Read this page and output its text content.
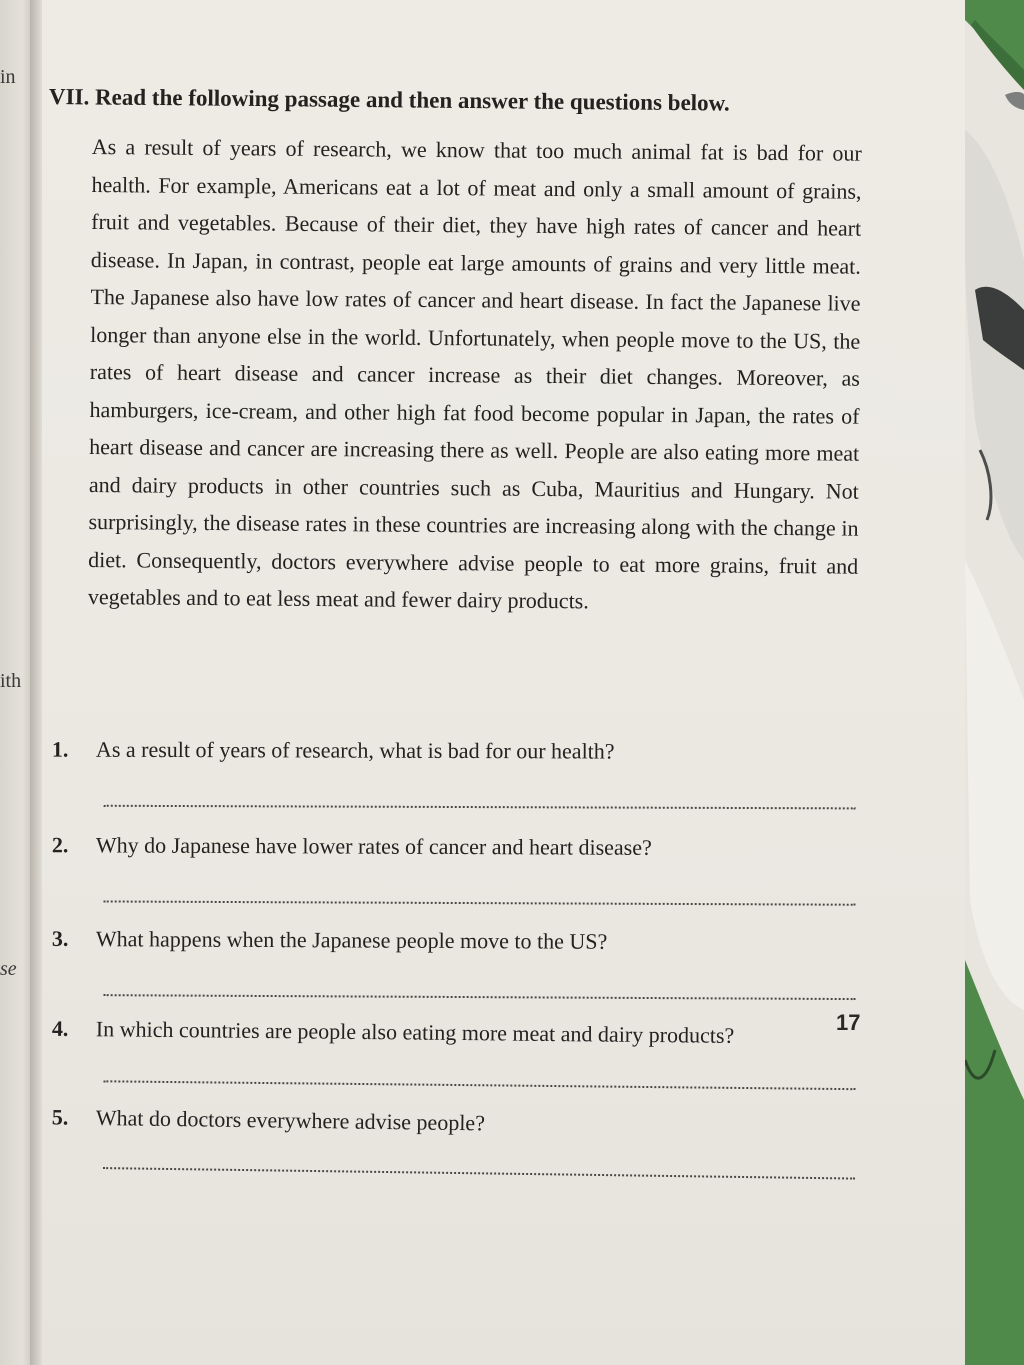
in
ith
se
VII. Read the following passage and then answer the questions below.
As a result of years of research, we know that too much animal fat is bad for our health. For example, Americans eat a lot of meat and only a small amount of grains, fruit and vegetables. Because of their diet, they have high rates of cancer and heart disease. In Japan, in contrast, people eat large amounts of grains and very little meat. The Japanese also have low rates of cancer and heart disease. In fact the Japanese live longer than anyone else in the world. Unfortunately, when people move to the US, the rates of heart disease and cancer increase as their diet changes. Moreover, as hamburgers, ice-cream, and other high fat food become popular in Japan, the rates of heart disease and cancer are increasing there as well. People are also eating more meat and dairy products in other countries such as Cuba, Mauritius and Hungary. Not surprisingly, the disease rates in these countries are increasing along with the change in diet. Consequently, doctors everywhere advise people to eat more grains, fruit and vegetables and to eat less meat and fewer dairy products.
1. As a result of years of research, what is bad for our health?
2. Why do Japanese have lower rates of cancer and heart disease?
3. What happens when the Japanese people move to the US?
4. In which countries are people also eating more meat and dairy products?
5. What do doctors everywhere advise people?
17
